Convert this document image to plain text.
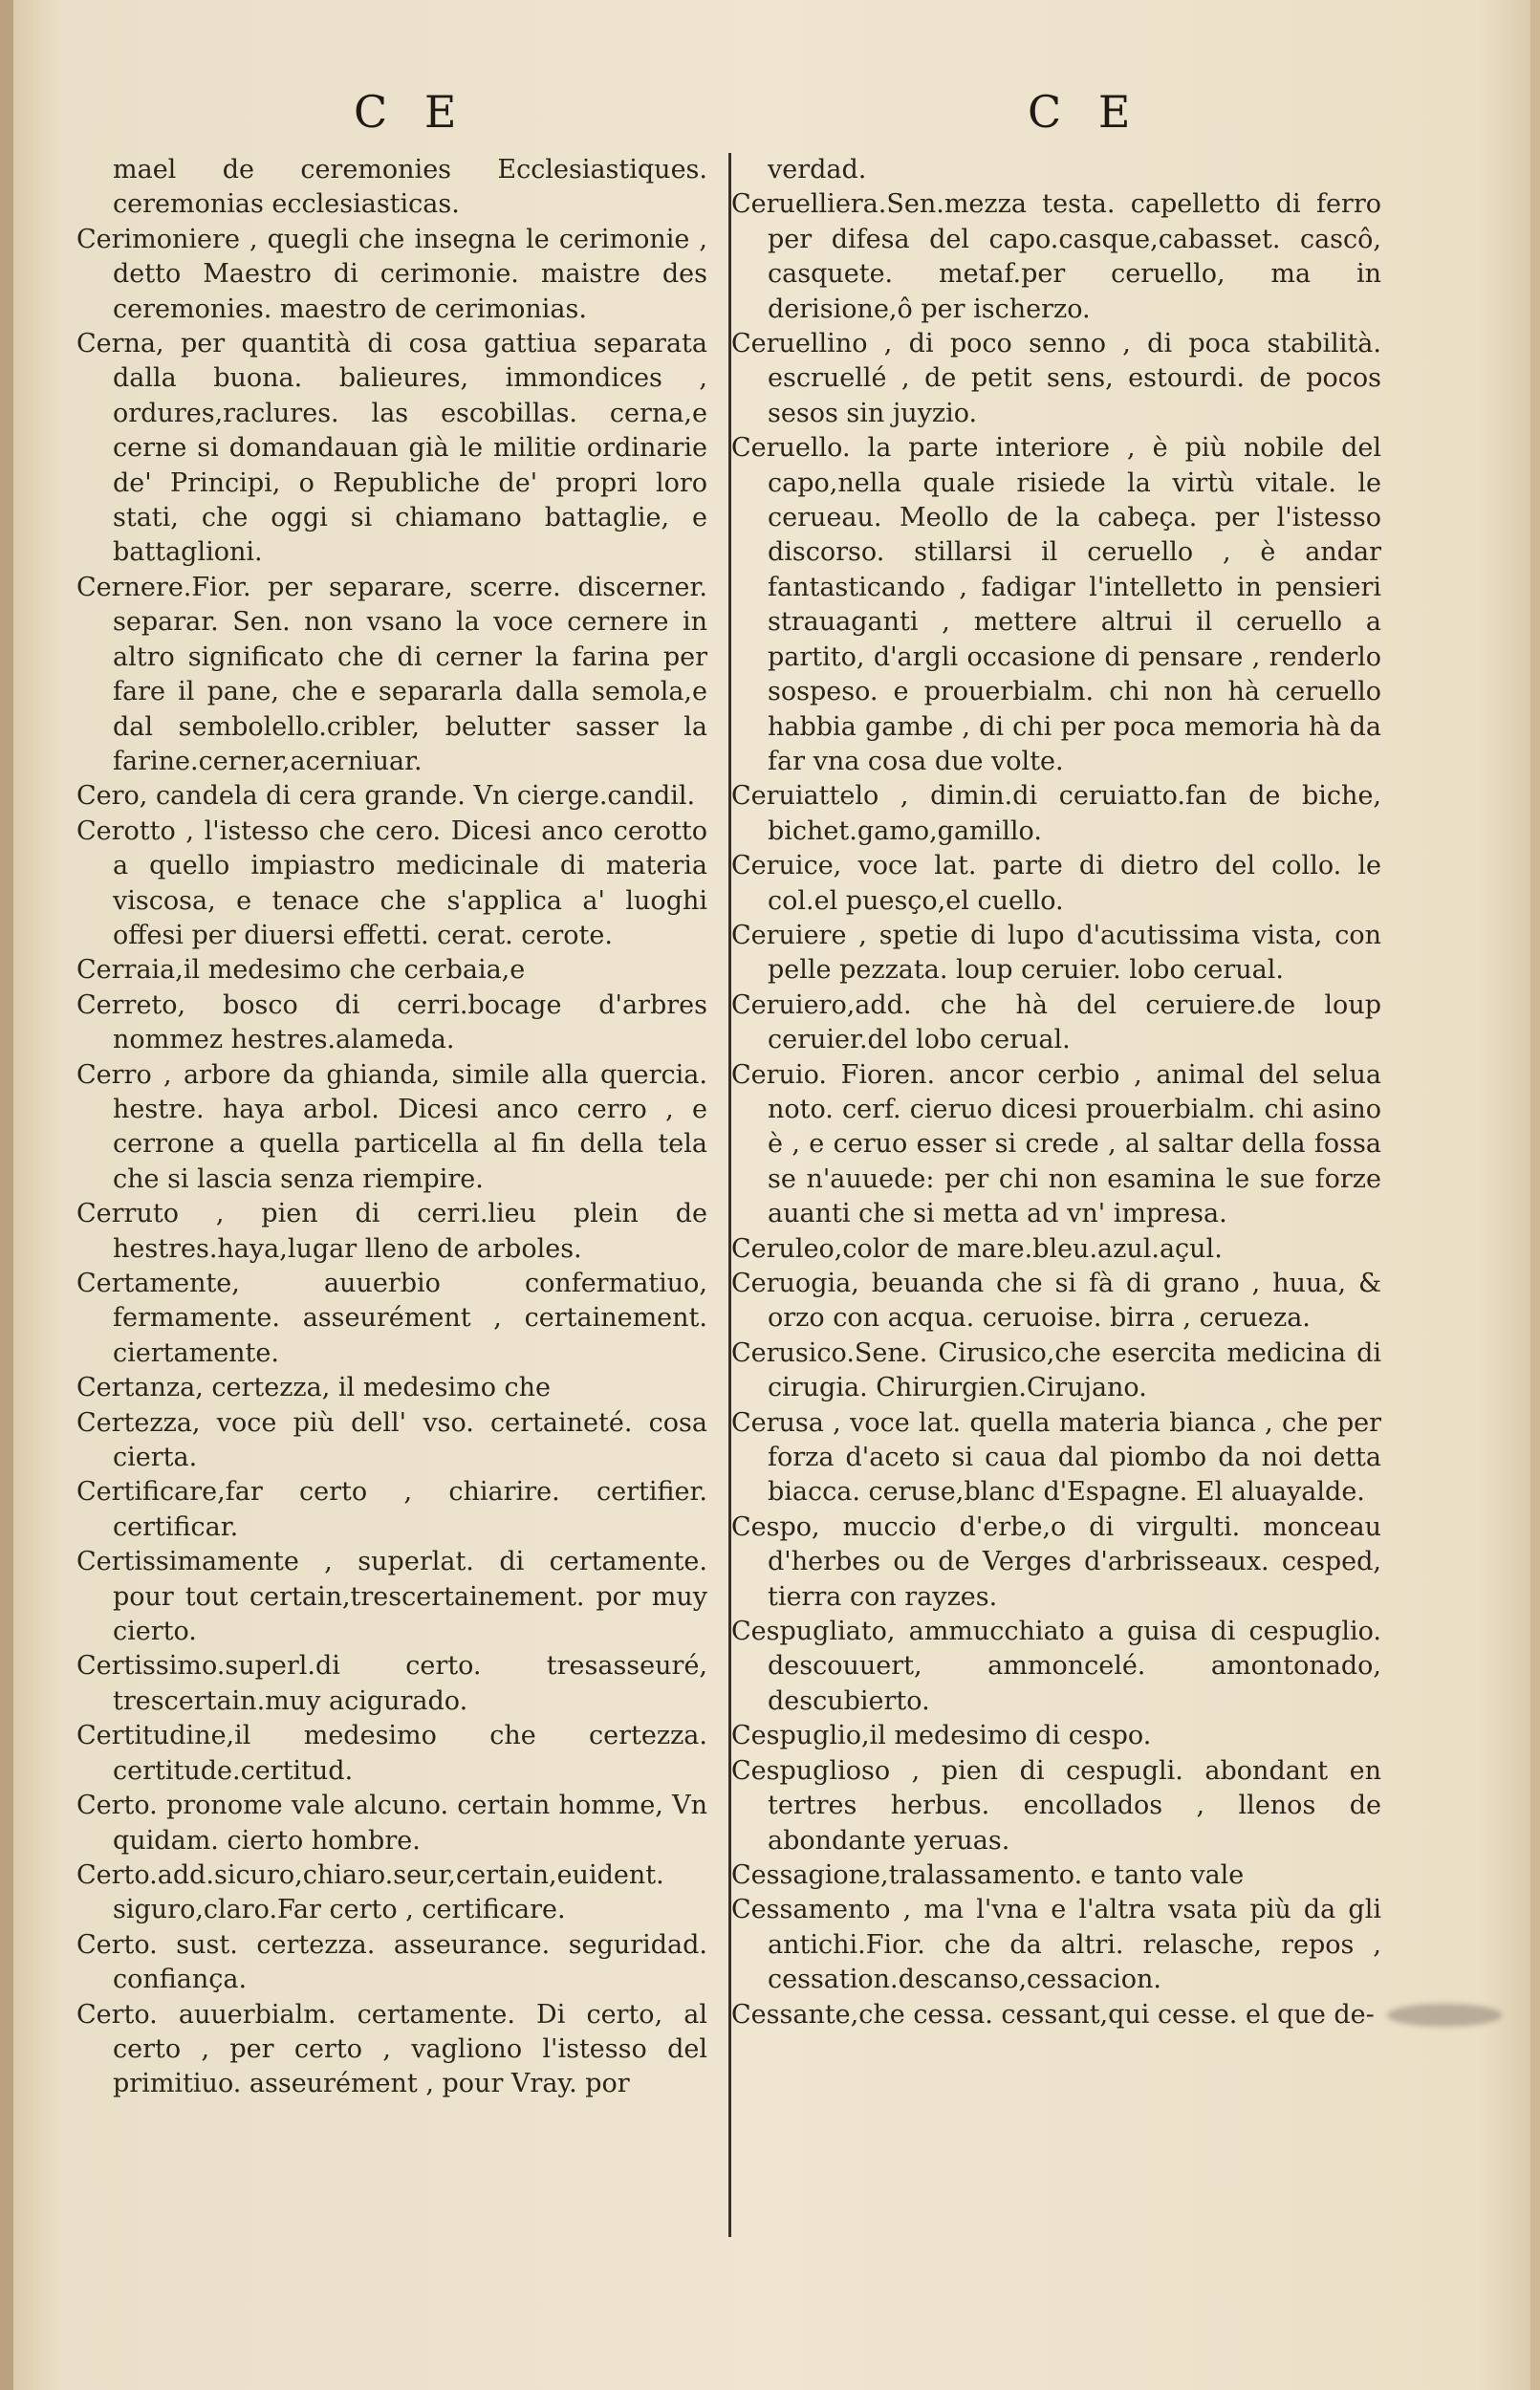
C E	C E

mael de ceremonies Ecclesiastiques. ceremonias ecclesiasticas.

Cerimoniere , quegli che insegna le cerimonie , detto Maestro di cerimonie. maistre des ceremonies. maestro de cerimonias.

Cerna, per quantità di cosa gattiua separata dalla buona. balieures, immondices , ordures,raclures. las escobillas. cerna,e cerne si domandauan già le militie ordinarie de' Principi, o Republiche de' propri loro stati, che oggi si chiamano battaglie, e battaglioni.

Cernere.Fior. per separare, scerre. discerner. separar. Sen. non vsano la voce cernere in altro significato che di cerner la farina per fare il pane, che e separarla dalla semola,e dal sembolello.cribler, belutter sasser la farine.cerner,acerniuar.

Cero, candela di cera grande. Vn cierge.candil.

Cerotto , l'istesso che cero. Dicesi anco cerotto a quello impiastro medicinale di materia viscosa, e tenace che s'applica a' luoghi offesi per diuersi effetti. cerat. cerote.

Cerraia,il medesimo che cerbaia,e

Cerreto, bosco di cerri.bocage d'arbres nommez hestres.alameda.

Cerro , arbore da ghianda, simile alla quercia. hestre. haya arbol. Dicesi anco cerro , e cerrone a quella particella al fin della tela che si lascia senza riempire.

Cerruto , pien di cerri.lieu plein de hestres.haya,lugar lleno de arboles.

Certamente, auuerbio confermatiuo, fermamente. asseurément , certainement. ciertamente.

Certanza, certezza, il medesimo che

Certezza, voce più dell' vso. certaineté. cosa cierta.

Certificare,far certo , chiarire. certifier. certificar.

Certissimamente , superlat. di certamente. pour tout certain,trescertainement. por muy cierto.

Certissimo.superl.di certo. tresasseuré, trescertain.muy acigurado.

Certitudine,il medesimo che certezza. certitude.certitud.

Certo. pronome vale alcuno. certain homme, Vn quidam. cierto hombre.

Certo.add.sicuro,chiaro.seur,certain,euident. siguro,claro.Far certo , certificare.

Certo. sust. certezza. asseurance. seguridad. confiança.

Certo. auuerbialm. certamente. Di certo, al certo , per certo , vagliono l'istesso del primitiuo. asseurément , pour Vray. por

verdad.

Ceruelliera.Sen.mezza testa. capelletto di ferro per difesa del capo.casque,cabasset. cascô, casquete. metaf.per ceruello, ma in derisione,ô per ischerzo.

Ceruellino , di poco senno , di poca stabilità. escruellé , de petit sens, estourdi. de pocos sesos sin juyzio.

Ceruello. la parte interiore , è più nobile del capo,nella quale risiede la virtù vitale. le cerueau. Meollo de la cabeça. per l'istesso discorso. stillarsi il ceruello , è andar fantasticando , fadigar l'intelletto in pensieri strauaganti , mettere altrui il ceruello a partito, d'argli occasione di pensare , renderlo sospeso. e prouerbialm. chi non hà ceruello habbia gambe , di chi per poca memoria hà da far vna cosa due volte.

Ceruiattelo , dimin.di ceruiatto.fan de biche, bichet.gamo,gamillo.

Ceruice, voce lat. parte di dietro del collo. le col.el puesço,el cuello.

Ceruiere , spetie di lupo d'acutissima vista, con pelle pezzata. loup ceruier. lobo cerual.

Ceruiero,add. che hà del ceruiere.de loup ceruier.del lobo cerual.

Ceruio. Fioren. ancor cerbio , animal del selua noto. cerf. cieruo dicesi prouerbialm. chi asino è , e ceruo esser si crede , al saltar della fossa se n'auuede: per chi non esamina le sue forze auanti che si metta ad vn' impresa.

Ceruleo,color de mare.bleu.azul.açul.

Ceruogia, beuanda che si fà di grano , huua, & orzo con acqua. ceruoise. birra , cerueza.

Cerusico.Sene. Cirusico,che esercita medicina di cirugia. Chirurgien.Cirujano.

Cerusa , voce lat. quella materia bianca , che per forza d'aceto si caua dal piombo da noi detta biacca. ceruse,blanc d'Espagne. El aluayalde.

Cespo, muccio d'erbe,o di virgulti. monceau d'herbes ou de Verges d'arbrisseaux. cesped, tierra con rayzes.

Cespugliato, ammucchiato a guisa di cespuglio. descouuert, ammoncelé. amontonado, descubierto.

Cespuglio,il medesimo di cespo.

Cespuglioso , pien di cespugli. abondant en tertres herbus. encollados , llenos de abondante yeruas.

Cessagione,tralassamento. e tanto vale

Cessamento , ma l'vna e l'altra vsata più da gli antichi.Fior. che da altri. relasche, repos , cessation.descanso,cessacion.

Cessante,che cessa. cessant,qui cesse. el que de-
